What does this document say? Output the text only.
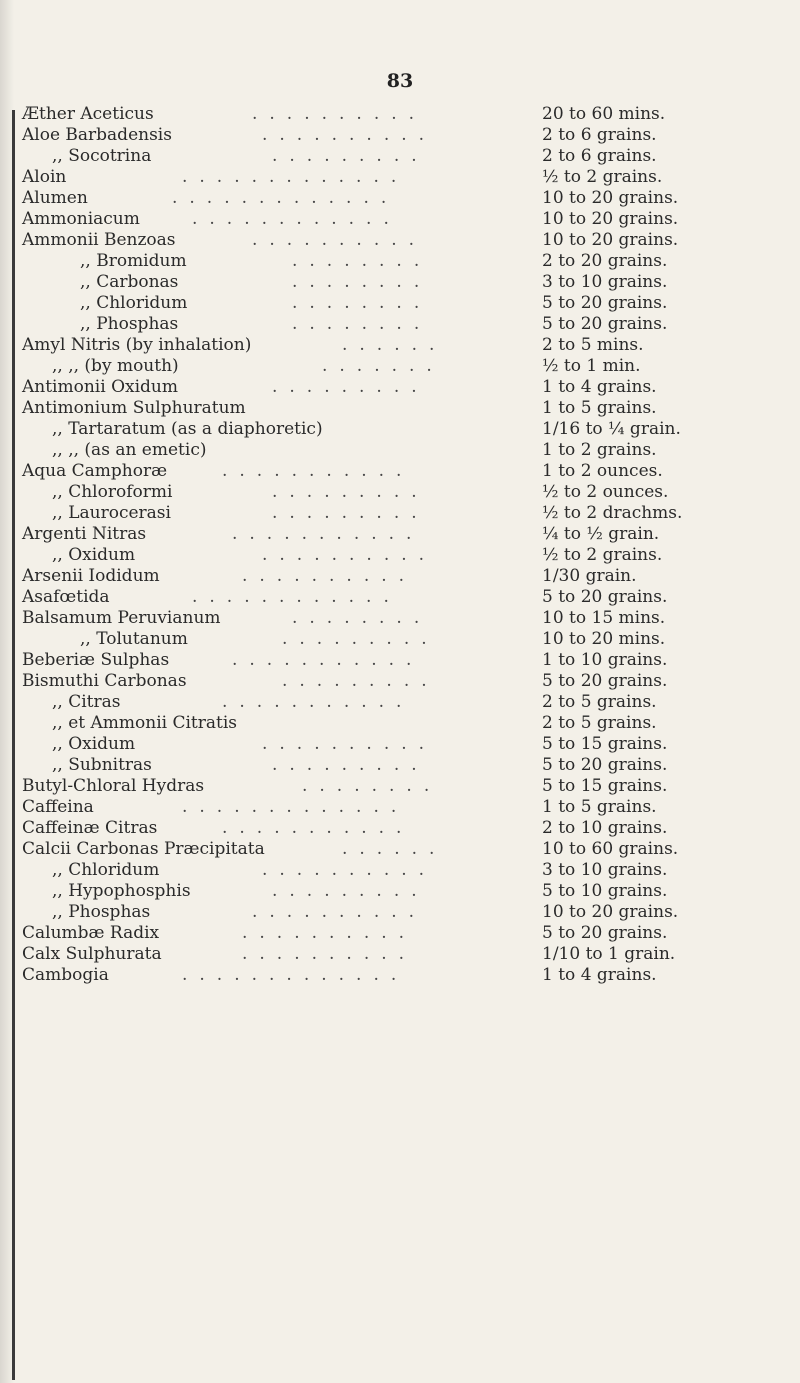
83
Æther Aceticus	..........	20 to 60 mins.
Aloe Barbadensis	..........	2 to 6 grains.
,, Socotrina	.........	2 to 6 grains.
Aloin	.............	½ to 2 grains.
Alumen	.............	10 to 20 grains.
Ammoniacum	............	10 to 20 grains.
Ammonii Benzoas	..........	10 to 20 grains.
,, Bromidum	........	2 to 20 grains.
,, Carbonas	........	3 to 10 grains.
,, Chloridum	........	5 to 20 grains.
,, Phosphas	........	5 to 20 grains.
Amyl Nitris (by inhalation)	......	2 to 5 mins.
,, ,, (by mouth)	.......	½ to 1 min.
Antimonii Oxidum	.........	1 to 4 grains.
Antimonium Sulphuratum	1 to 5 grains.
,, Tartaratum (as a diaphoretic)	1/16 to ¼ grain.
,, ,, (as an emetic)	1 to 2 grains.
Aqua Camphoræ	...........	1 to 2 ounces.
,, Chloroformi	.........	½ to 2 ounces.
,, Laurocerasi	.........	½ to 2 drachms.
Argenti Nitras	...........	¼ to ½ grain.
,, Oxidum	..........	½ to 2 grains.
Arsenii Iodidum	..........	1/30 grain.
Asafœtida	............	5 to 20 grains.
Balsamum Peruvianum	........	10 to 15 mins.
,, Tolutanum	.........	10 to 20 mins.
Beberiæ Sulphas	...........	1 to 10 grains.
Bismuthi Carbonas	.........	5 to 20 grains.
,, Citras	...........	2 to 5 grains.
,, et Ammonii Citratis	2 to 5 grains.
,, Oxidum	..........	5 to 15 grains.
,, Subnitras	.........	5 to 20 grains.
Butyl-Chloral Hydras	........	5 to 15 grains.
Caffeina	.............	1 to 5 grains.
Caffeinæ Citras	...........	2 to 10 grains.
Calcii Carbonas Præcipitata	......	10 to 60 grains.
,, Chloridum	..........	3 to 10 grains.
,, Hypophosphis	.........	5 to 10 grains.
,, Phosphas	..........	10 to 20 grains.
Calumbæ Radix	..........	5 to 20 grains.
Calx Sulphurata	..........	1/10 to 1 grain.
Cambogia	.............	1 to 4 grains.
